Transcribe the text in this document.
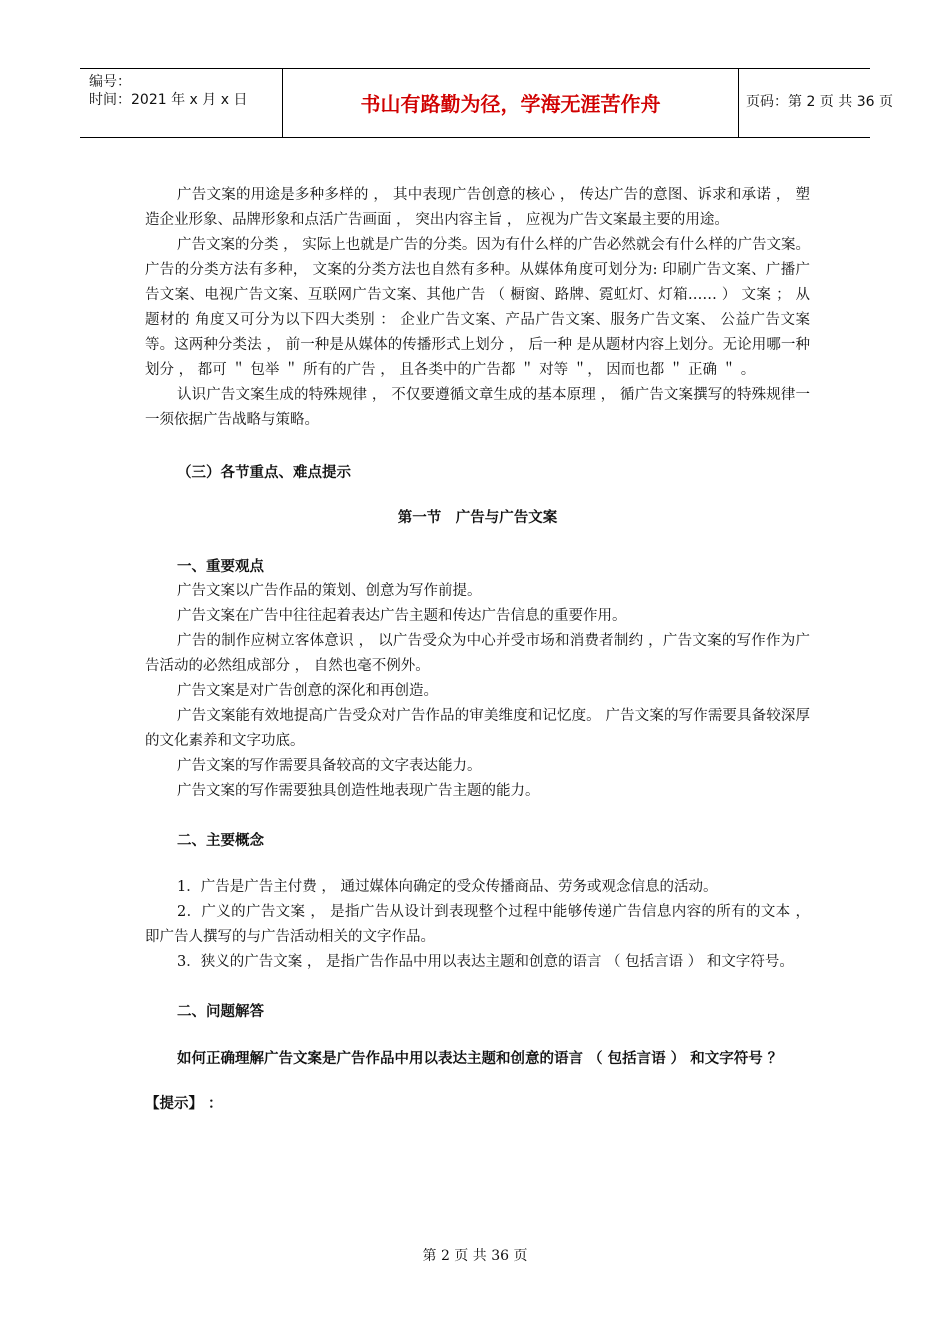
编号：
时间：2021 年 x 月 x 日	书山有路勤为径，学海无涯苦作舟	页码：第 2 页 共 36 页

广告文案的用途是多种多样的 ， 其中表现广告创意的核心 ， 传达广告的意图、诉求和承诺 ， 塑造企业形象、品牌形象和点活广告画面 ， 突出内容主旨 ， 应视为广告文案最主要的用途。

广告文案的分类 ， 实际上也就是广告的分类。因为有什么样的广告必然就会有什么样的广告文案。广告的分类方法有多种， 文案的分类方法也自然有多种。从媒体角度可划分为: 印刷广告文案、广播广告文案、电视广告文案、互联网广告文案、其他广告 （ 橱窗、路牌、霓虹灯、灯箱…… ） 文案 ； 从题材的 角度又可分为以下四大类别 ： 企业广告文案、产品广告文案、服务广告文案、 公益广告文案等。这两种分类法 ， 前一种是从媒体的传播形式上划分 ， 后一种 是从题材内容上划分。无论用哪一种划分 ， 都可 ＂ 包举 ＂ 所有的广告 ， 且各类中的广告都 ＂ 对等 ＂， 因而也都 ＂ 正确 ＂ 。

认识广告文案生成的特殊规律 ， 不仅要遵循文章生成的基本原理 ， 循广告文案撰写的特殊规律一一须依据广告战略与策略。

（三）各节重点、难点提示

第一节　广告与广告文案

一、重要观点

广告文案以广告作品的策划、创意为写作前提。

广告文案在广告中往往起着表达广告主题和传达广告信息的重要作用。

广告的制作应树立客体意识 ， 以广告受众为中心并受市场和消费者制约 ，广告文案的写作作为广告活动的必然组成部分 ， 自然也毫不例外。

广告文案是对广告创意的深化和再创造。

广告文案能有效地提高广告受众对广告作品的审美维度和记忆度。 广告文案的写作需要具备较深厚的文化素养和文字功底。

广告文案的写作需要具备较高的文字表达能力。

广告文案的写作需要独具创造性地表现广告主题的能力。

二、主要概念

1．广告是广告主付费 ， 通过媒体向确定的受众传播商品、劳务或观念信息的活动。

2．广义的广告文案 ， 是指广告从设计到表现整个过程中能够传递广告信息内容的所有的文本 ， 即广告人撰写的与广告活动相关的文字作品。

3．狭义的广告文案 ， 是指广告作品中用以表达主题和创意的语言 （ 包括言语 ） 和文字符号。

二、问题解答

如何正确理解广告文案是广告作品中用以表达主题和创意的语言 （ 包括言语 ） 和文字符号 ？

【提示】 ：

第 2 页 共 36 页
